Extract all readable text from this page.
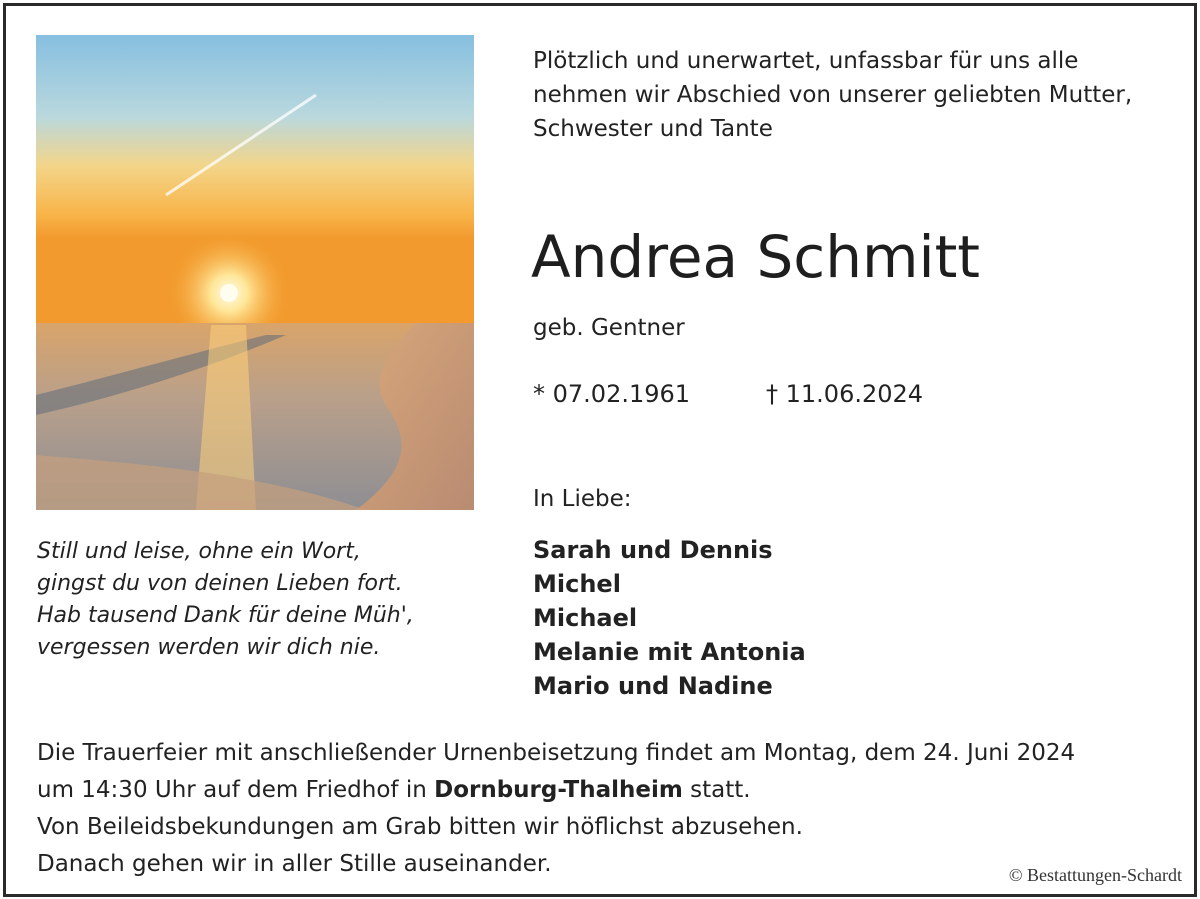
Still und leise, ohne ein Wort,
gingst du von deinen Lieben fort.
Hab tausend Dank für deine Müh',
vergessen werden wir dich nie.
Plötzlich und unerwartet, unfassbar für uns alle
nehmen wir Abschied von unserer geliebten Mutter,
Schwester und Tante
Andrea Schmitt
geb. Gentner
* 07.02.1961	† 11.06.2024
In Liebe:
Sarah und Dennis
Michel
Michael
Melanie mit Antonia
Mario und Nadine
Die Trauerfeier mit anschließender Urnenbeisetzung findet am Montag, dem 24. Juni 2024
um 14:30 Uhr auf dem Friedhof in Dornburg-Thalheim statt.
Von Beileidsbekundungen am Grab bitten wir höflichst abzusehen.
Danach gehen wir in aller Stille auseinander.	© Bestattungen-Schardt
